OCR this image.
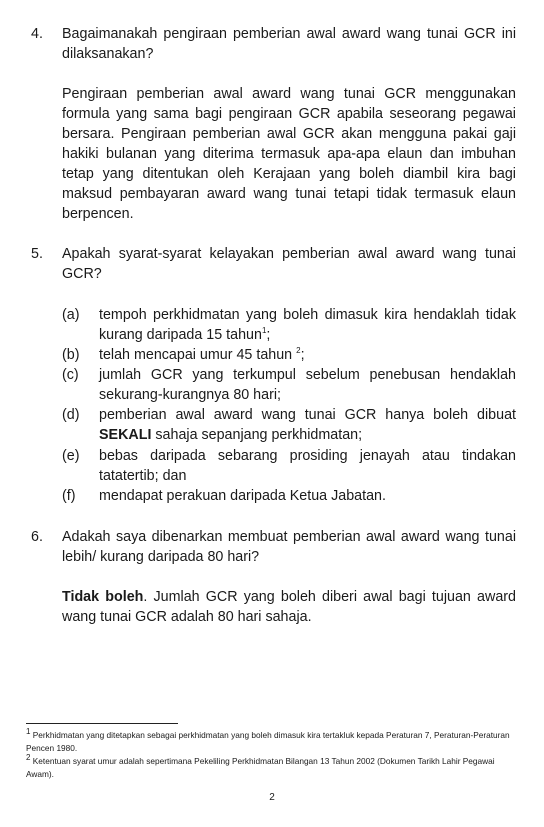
4. Bagaimanakah pengiraan pemberian awal award wang tunai GCR ini dilaksanakan?
Pengiraan pemberian awal award wang tunai GCR menggunakan formula yang sama bagi pengiraan GCR apabila seseorang pegawai bersara. Pengiraan pemberian awal GCR akan mengguna pakai gaji hakiki bulanan yang diterima termasuk apa-apa elaun dan imbuhan tetap yang ditentukan oleh Kerajaan yang boleh diambil kira bagi maksud pembayaran award wang tunai tetapi tidak termasuk elaun berpencen.
5. Apakah syarat-syarat kelayakan pemberian awal award wang tunai GCR?
(a) tempoh perkhidmatan yang boleh dimasuk kira hendaklah tidak kurang daripada 15 tahun$^1$;
(b) telah mencapai umur 45 tahun $^2$;
(c) jumlah GCR yang terkumpul sebelum penebusan hendaklah sekurang-kurangnya 80 hari;
(d) pemberian awal award wang tunai GCR hanya boleh dibuat SEKALI sahaja sepanjang perkhidmatan;
(e) bebas daripada sebarang prosiding jenayah atau tindakan tatatertib; dan
(f) mendapat perakuan daripada Ketua Jabatan.
6. Adakah saya dibenarkan membuat pemberian awal award wang tunai lebih/ kurang daripada 80 hari?
Tidak boleh. Jumlah GCR yang boleh diberi awal bagi tujuan award wang tunai GCR adalah 80 hari sahaja.
$^1$ Perkhidmatan yang ditetapkan sebagai perkhidmatan yang boleh dimasuk kira tertakluk kepada Peraturan 7, Peraturan-Peraturan Pencen 1980.
$^2$ Ketentuan syarat umur adalah sepertimana Pekeliling Perkhidmatan Bilangan 13 Tahun 2002 (Dokumen Tarikh Lahir Pegawai Awam).
2
